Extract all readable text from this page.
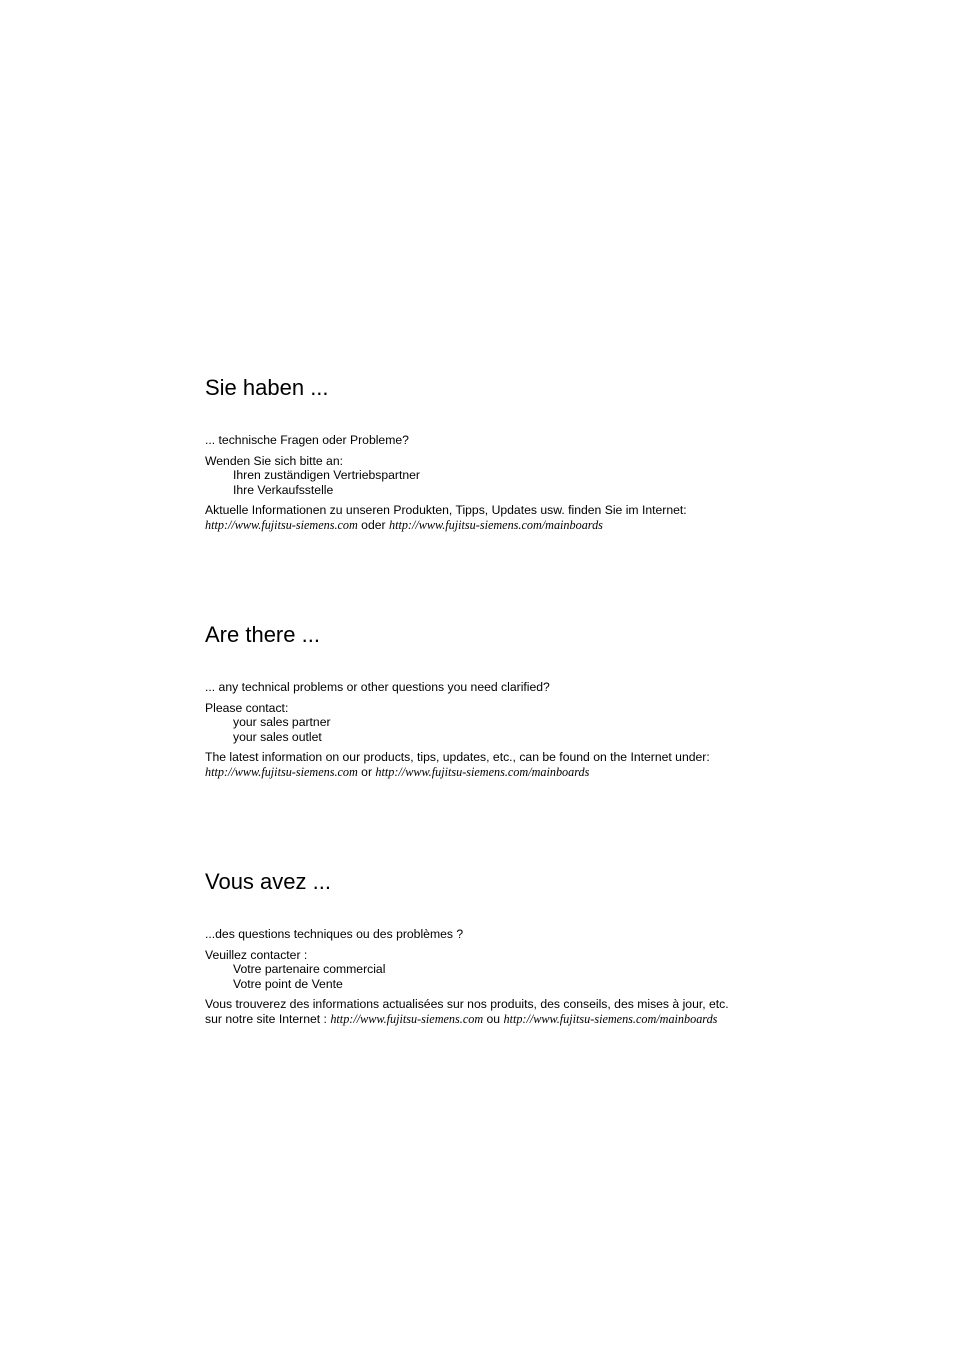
Sie haben ...

... technische Fragen oder Probleme?

Wenden Sie sich bitte an:

Ihren zuständigen Vertriebspartner

Ihre Verkaufsstelle

Aktuelle Informationen zu unseren Produkten, Tipps, Updates usw. finden Sie im Internet:

http://www.fujitsu-siemens.com oder http://www.fujitsu-siemens.com/mainboards

Are there ...

... any technical problems or other questions you need clarified?

Please contact:

your sales partner

your sales outlet

The latest information on our products, tips, updates, etc., can be found on the Internet under:

http://www.fujitsu-siemens.com or http://www.fujitsu-siemens.com/mainboards

Vous avez ...

...des questions techniques ou des problèmes ?

Veuillez contacter :

Votre partenaire commercial

Votre point de Vente

Vous trouverez des informations actualisées sur nos produits, des conseils, des mises à jour, etc.

sur notre site Internet : http://www.fujitsu-siemens.com ou http://www.fujitsu-siemens.com/mainboards
